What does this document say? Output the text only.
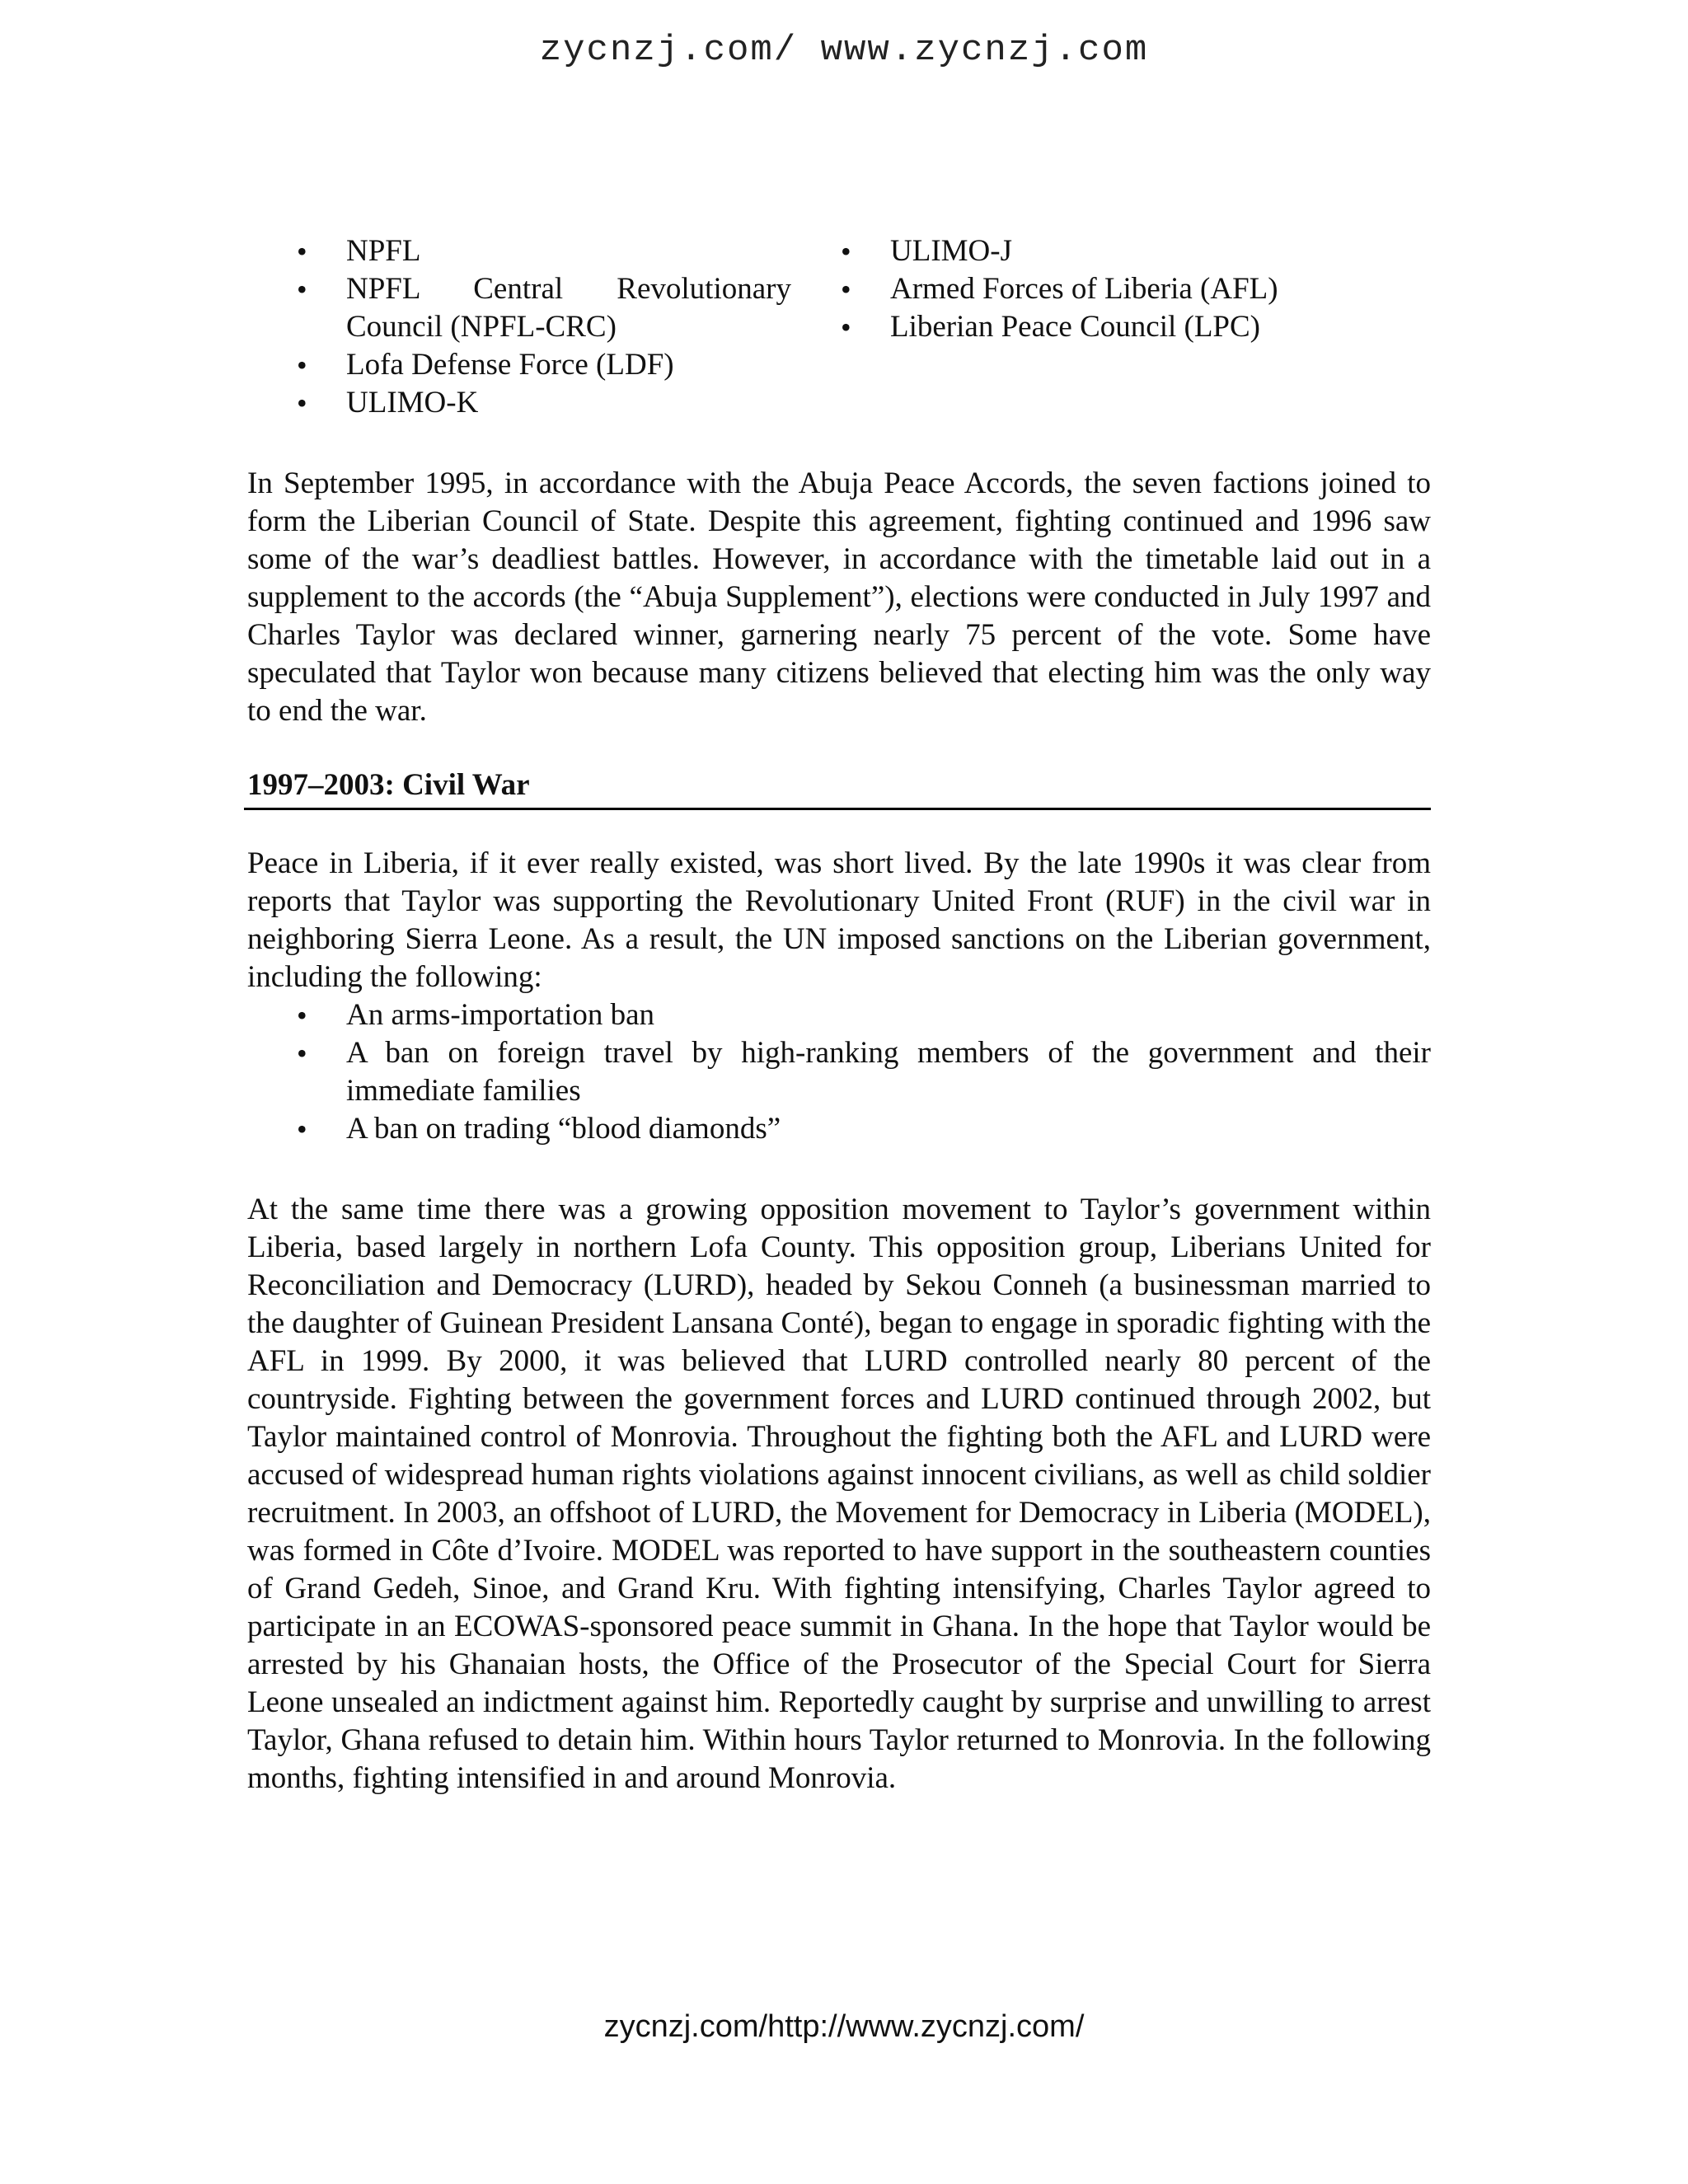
zycnzj.com/ www.zycnzj.com
• NPFL
• NPFL Central Revolutionary Council (NPFL-CRC)
• Lofa Defense Force (LDF)
• ULIMO-K
• ULIMO-J
• Armed Forces of Liberia (AFL)
• Liberian Peace Council (LPC)

In September 1995, in accordance with the Abuja Peace Accords, the seven factions joined to form the Liberian Council of State. Despite this agreement, fighting continued and 1996 saw some of the war’s deadliest battles. However, in accordance with the timetable laid out in a supplement to the accords (the “Abuja Supplement”), elections were conducted in July 1997 and Charles Taylor was declared winner, garnering nearly 75 percent of the vote. Some have speculated that Taylor won because many citizens believed that electing him was the only way to end the war.

1997–2003: Civil War

Peace in Liberia, if it ever really existed, was short lived. By the late 1990s it was clear from reports that Taylor was supporting the Revolutionary United Front (RUF) in the civil war in neighboring Sierra Leone. As a result, the UN imposed sanctions on the Liberian government, including the following:

• An arms-importation ban
• A ban on foreign travel by high-ranking members of the government and their immediate families
• A ban on trading “blood diamonds”

At the same time there was a growing opposition movement to Taylor’s government within Liberia, based largely in northern Lofa County. This opposition group, Liberians United for Reconciliation and Democracy (LURD), headed by Sekou Conneh (a businessman married to the daughter of Guinean President Lansana Conté), began to engage in sporadic fighting with the AFL in 1999. By 2000, it was believed that LURD controlled nearly 80 percent of the countryside. Fighting between the government forces and LURD continued through 2002, but Taylor maintained control of Monrovia. Throughout the fighting both the AFL and LURD were accused of widespread human rights violations against innocent civilians, as well as child soldier recruitment. In 2003, an offshoot of LURD, the Movement for Democracy in Liberia (MODEL), was formed in Côte d’Ivoire. MODEL was reported to have support in the southeastern counties of Grand Gedeh, Sinoe, and Grand Kru. With fighting intensifying, Charles Taylor agreed to participate in an ECOWAS-sponsored peace summit in Ghana. In the hope that Taylor would be arrested by his Ghanaian hosts, the Office of the Prosecutor of the Special Court for Sierra Leone unsealed an indictment against him. Reportedly caught by surprise and unwilling to arrest Taylor, Ghana refused to detain him. Within hours Taylor returned to Monrovia. In the following months, fighting intensified in and around Monrovia.

zycnzj.com/http://www.zycnzj.com/
